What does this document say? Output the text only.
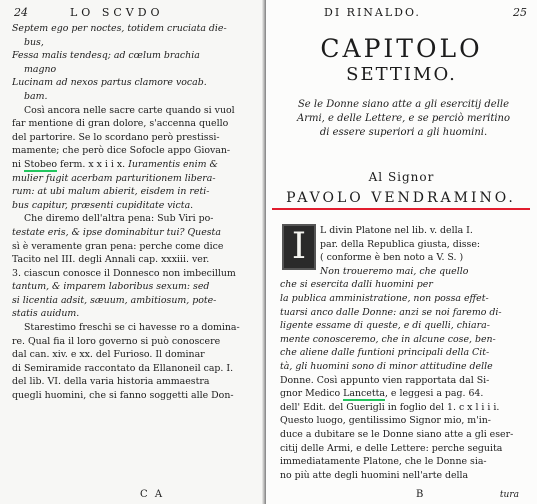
24	LO SCVDO
Septem ego per noctes, totidem cruciata die-
bus,
Fessa malis tendesq; ad cœlum brachia
magno
Lucinam ad nexos partus clamore vocab.
bam.
Così ancora nelle sacre carte quando si vuol
far mentione di gran dolore, s'accenna quello
del partorire. Se lo scordano però prestissi-
mamente; che però dice Sofocle appo Giovan-
ni Stobeo ferm. x x i i x. Iuramentis enim &
mulier fugit acerbam parturitionem libera-
rum: at ubi malum abierit, eisdem in reti-
bus capitur, præsenti cupiditate victa.
Che diremo dell'altra pena: Sub Viri po-
testate eris, & ipse dominabitur tui? Questa
sì è veramente gran pena: perche come dice
Tacito nel III. degli Annali cap. xxxiii. ver.
3. ciascun conosce il Donnesco non imbecillum
tantum, & imparem laboribus sexum: sed
si licentia adsit, sæuum, ambitiosum, pote-
statis auidum.
Starestimo freschi se ci havesse ro a domina-
re. Qual fia il loro governo si può conoscere
dal can. xiv. e xx. del Furioso. Il dominar
di Semiramide raccontato da Ellanoneil cap. I.
del lib. VI. della varia historia ammaestra
quegli huomini, che si fanno soggetti alle Don-
C A
DI RINALDO.	25
CAPITOLO
SETTIMO.
Se le Donne siano atte a gli esercitij delle Armi, e delle Lettere, e se perciò meritino di essere superiori a gli huomini.
Al Signor
PAVOLO VENDRAMINO.
I	L divin Platone nel lib. v. della I.
par. della Republica giusta, disse:
( conforme è ben noto a V. S. )
Non troueremo mai, che quello
che si esercita dalli huomini per
la publica amministratione, non possa effet-
tuarsi anco dalle Donne: anzi se noi faremo di-
ligente essame di queste, e di quelli, chiara-
mente conosceremo, che in alcune cose, ben-
che aliene dalle funtioni principali della Cit-
tà, gli huomini sono di minor attitudine delle
Donne. Così appunto vien rapportata dal Si-
gnor Medico Lancetta, e leggesi a pag. 64.
dell' Edit. del Guerigli in foglio del 1. c x l i i i.
Questo luogo, gentilissimo Signor mio, m'in-
duce a dubitare se le Donne siano atte a gli eser-
citij delle Armi, e delle Lettere: perche seguita
immediatamente Platone, che le Donne sia-
no più atte degli huomini nell'arte della
B	tura
